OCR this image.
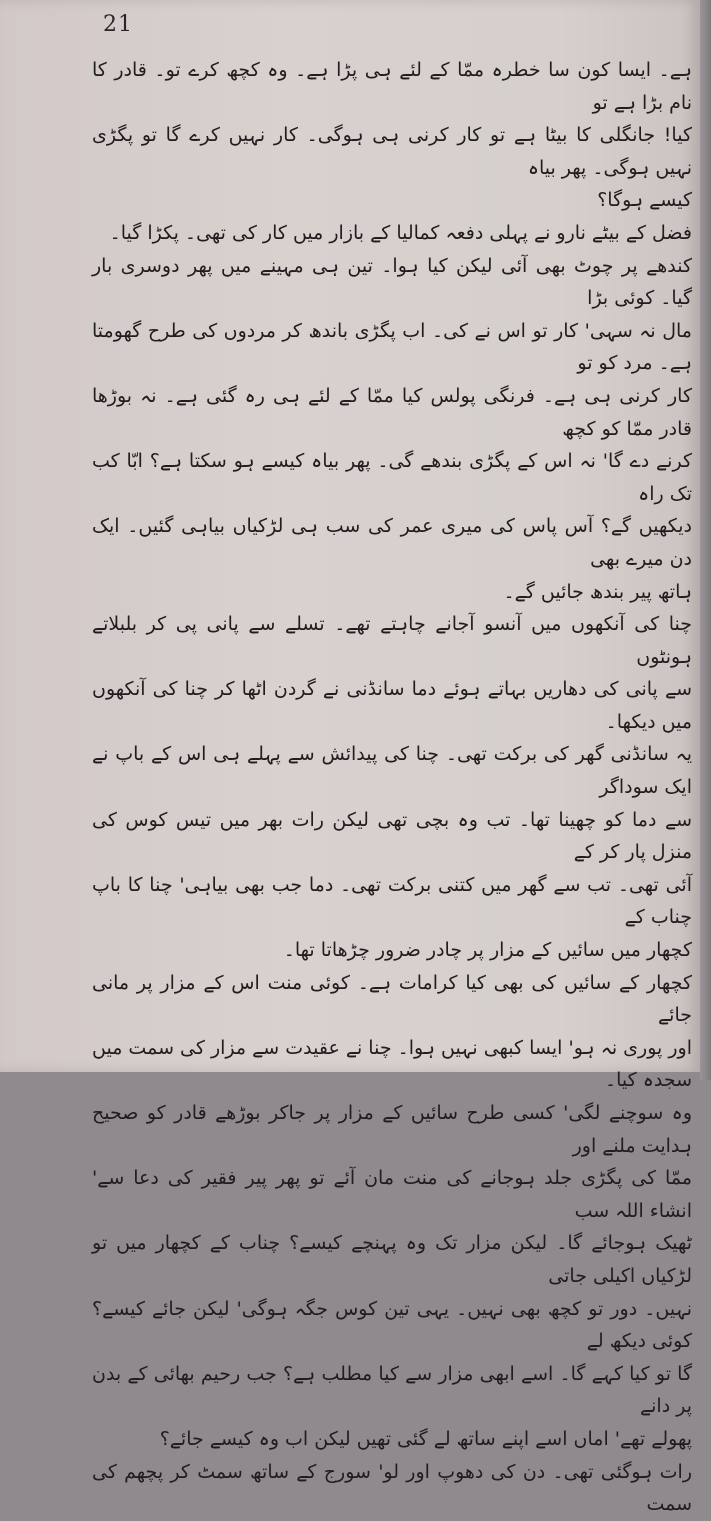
21

ہے۔ ایسا کون سا خطرہ ممّا کے لئے ہی پڑا ہے۔ وہ کچھ کرے تو۔ قادر کا نام بڑا ہے تو
کیا! جانگلی کا بیٹا ہے تو کار کرنی ہی ہوگی۔ کار نہیں کرے گا تو پگڑی نہیں ہوگی۔ پھر بیاہ
کیسے ہوگا؟

فضل کے بیٹے نارو نے پہلی دفعہ کمالیا کے بازار میں کار کی تھی۔ پکڑا گیا۔
کندھے پر چوٹ بھی آئی لیکن کیا ہوا۔ تین ہی مہینے میں پھر دوسری بار گیا۔ کوئی بڑا
مال نہ سہی' کار تو اس نے کی۔ اب پگڑی باندھ کر مردوں کی طرح گھومتا ہے۔ مرد کو تو
کار کرنی ہی ہے۔ فرنگی پولس کیا ممّا کے لئے ہی رہ گئی ہے۔ نہ بوڑھا قادر ممّا کو کچھ
کرنے دے گا' نہ اس کے پگڑی بندھے گی۔ پھر بیاہ کیسے ہو سکتا ہے؟ ابّا کب تک راہ
دیکھیں گے؟ آس پاس کی میری عمر کی سب ہی لڑکیاں بیاہی گئیں۔ ایک دن میرے بھی
ہاتھ پیر بندھ جائیں گے۔

چنا کی آنکھوں میں آنسو آجانے چاہتے تھے۔ تسلے سے پانی پی کر بلبلاتے ہونٹوں
سے پانی کی دھاریں بہاتے ہوئے دما سانڈنی نے گردن اٹھا کر چنا کی آنکھوں میں دیکھا۔
یہ سانڈنی گھر کی برکت تھی۔ چنا کی پیدائش سے پہلے ہی اس کے باپ نے ایک سوداگر
سے دما کو چھینا تھا۔ تب وہ بچی تھی لیکن رات بھر میں تیس کوس کی منزل پار کر کے
آئی تھی۔ تب سے گھر میں کتنی برکت تھی۔ دما جب بھی بیاہی' چنا کا باپ چناب کے
کچھار میں سائیں کے مزار پر چادر ضرور چڑھاتا تھا۔

کچھار کے سائیں کی بھی کیا کرامات ہے۔ کوئی منت اس کے مزار پر مانی جائے
اور پوری نہ ہو' ایسا کبھی نہیں ہوا۔ چنا نے عقیدت سے مزار کی سمت میں سجدہ کیا۔
وہ سوچنے لگی' کسی طرح سائیں کے مزار پر جاکر بوڑھے قادر کو صحیح ہدایت ملنے اور
ممّا کی پگڑی جلد ہوجانے کی منت مان آئے تو پھر پیر فقیر کی دعا سے' انشاء اللہ سب
ٹھیک ہوجائے گا۔ لیکن مزار تک وہ پہنچے کیسے؟ چناب کے کچھار میں تو لڑکیاں اکیلی جاتی
نہیں۔ دور تو کچھ بھی نہیں۔ یہی تین کوس جگہ ہوگی' لیکن جائے کیسے؟ کوئی دیکھ لے
گا تو کیا کہے گا۔ اسے ابھی مزار سے کیا مطلب ہے؟ جب رحیم بھائی کے بدن پر دانے
پھولے تھے' اماں اسے اپنے ساتھ لے گئی تھیں لیکن اب وہ کیسے جائے؟

رات ہوگئی تھی۔ دن کی دھوپ اور لو' سورج کے ساتھ سمٹ کر پچھم کی سمت
